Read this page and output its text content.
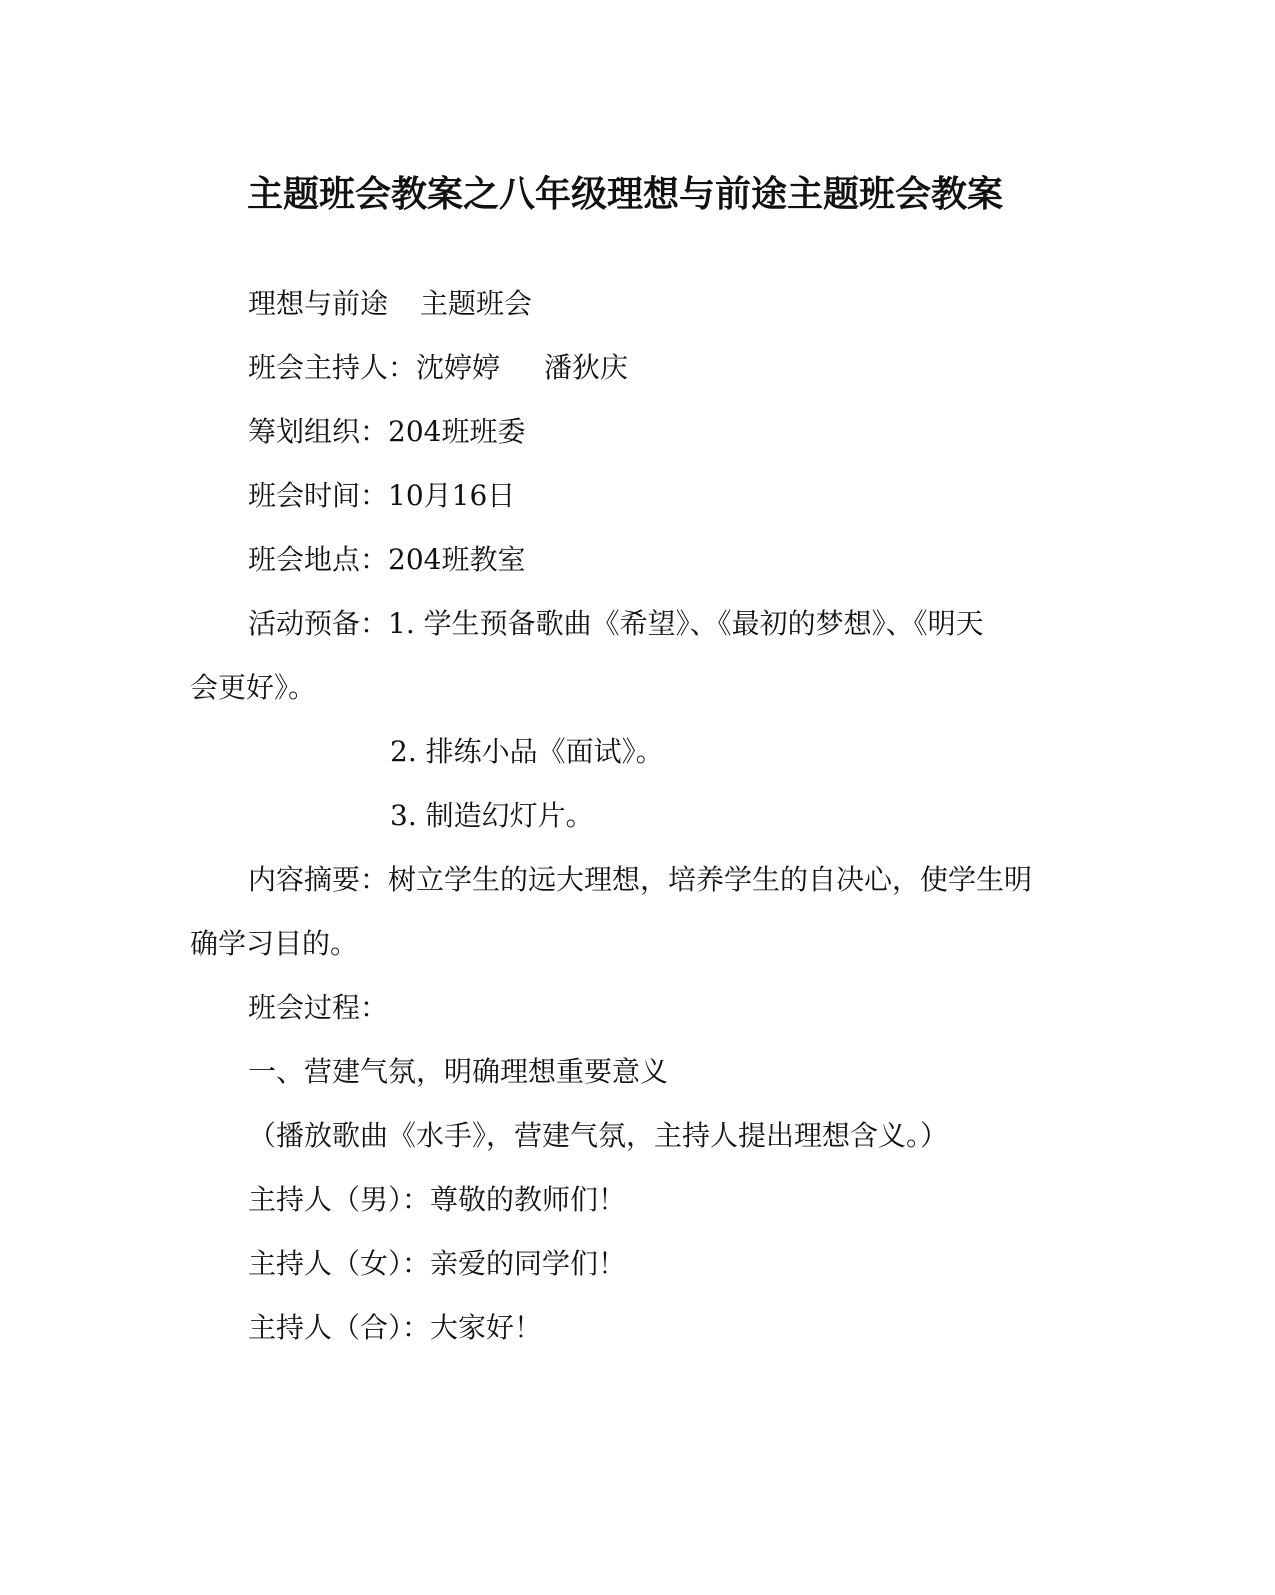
主题班会教案之八年级理想与前途主题班会教案
理想与前途 主题班会
班会主持人：沈婷婷 潘狄庆
筹划组织：204班班委
班会时间：10月16日
班会地点：204班教室
活动预备：1. 学生预备歌曲《希望》、《最初的梦想》、《明天
会更好》。
2. 排练小品《面试》。
3. 制造幻灯片。
内容摘要：树立学生的远大理想，培养学生的自决心，使学生明
确学习目的。
班会过程：
一、营建气氛，明确理想重要意义
（播放歌曲《水手》，营建气氛，主持人提出理想含义。）
主持人（男）：尊敬的教师们！
主持人（女）：亲爱的同学们！
主持人（合）：大家好！
